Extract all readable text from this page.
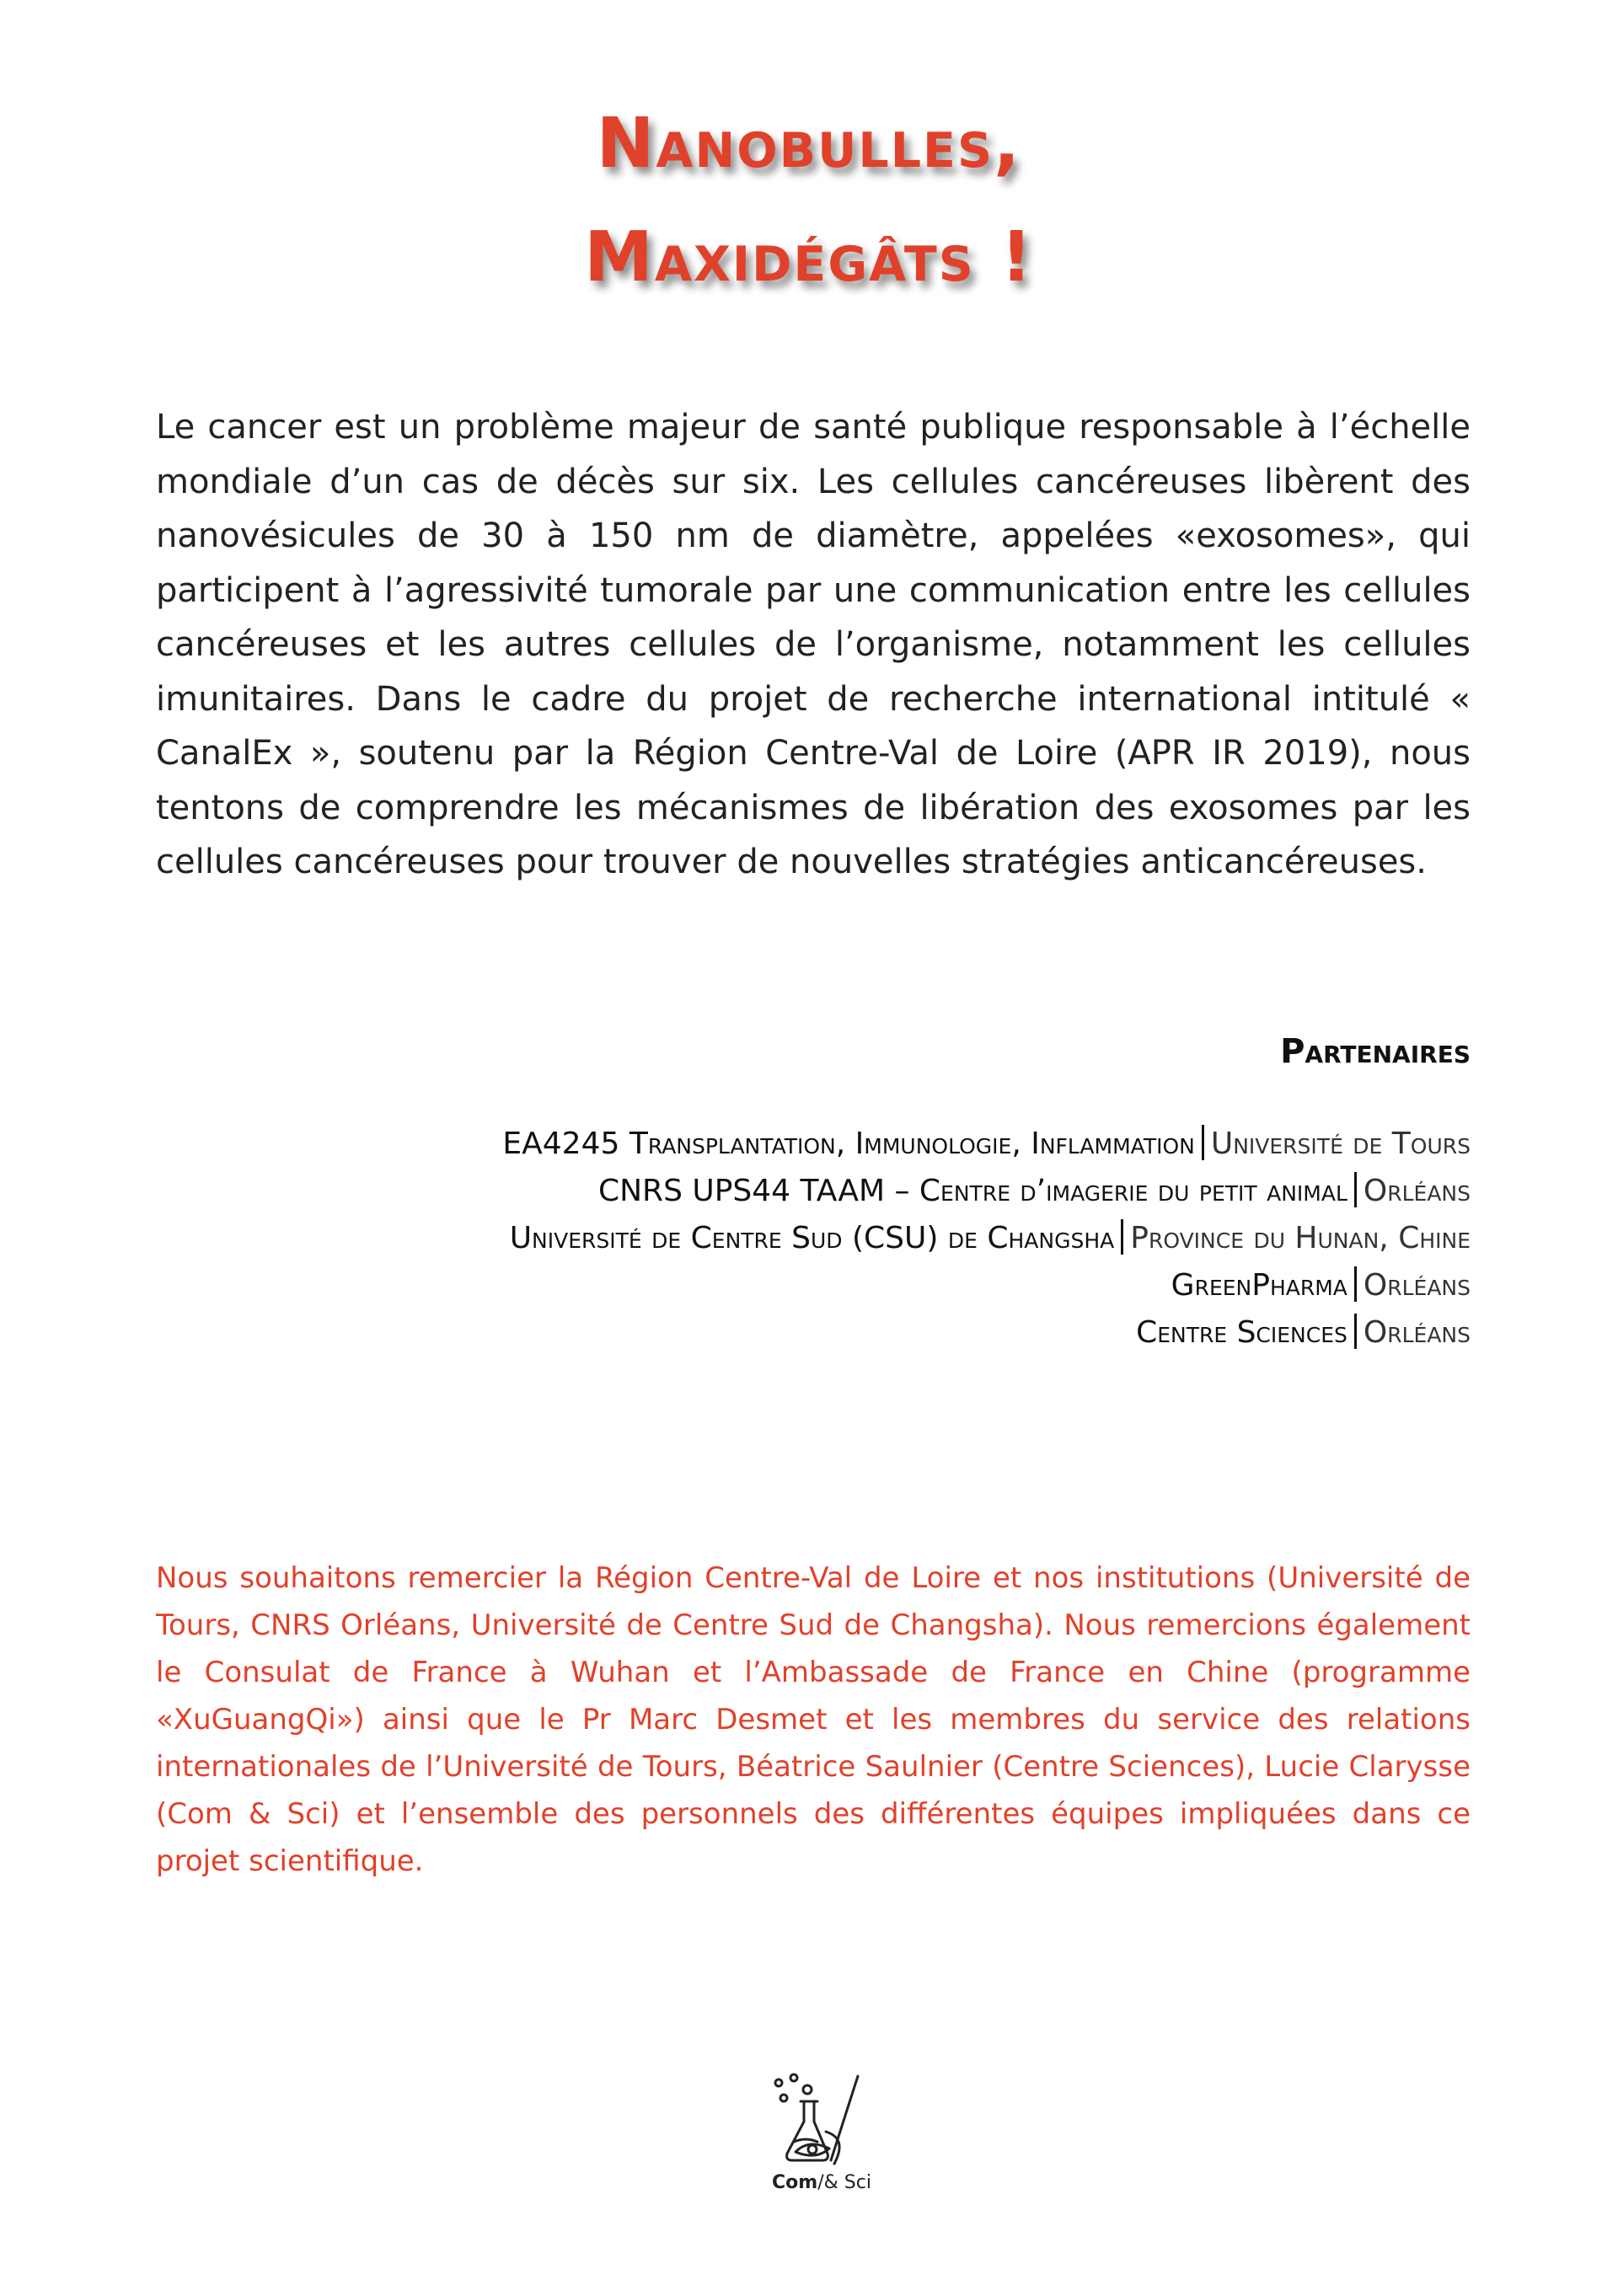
Nanobulles,
Maxidégâts !

Le cancer est un problème majeur de santé publique responsable à l’échelle mondiale d’un cas de décès sur six. Les cellules cancéreuses libèrent des nanovésicules de 30 à 150 nm de diamètre, appelées «exosomes», qui participent à l’agressivité tumorale par une communication entre les cellules cancéreuses et les autres cellules de l’organisme, notamment les cellules imunitaires. Dans le cadre du projet de recherche international intitulé « CanalEx », soutenu par la Région Centre-Val de Loire (APR IR 2019), nous tentons de comprendre les mécanismes de libération des exosomes par les cellules cancéreuses pour trouver de nouvelles stratégies anticancéreuses.

Partenaires
EA4245 Transplantation, Immunologie, Inflammation Université de Tours
CNRS UPS44 TAAM – Centre d’imagerie du petit animal Orléans
Université de Centre Sud (CSU) de Changsha Province du Hunan, Chine
GreenPharma Orléans
Centre Sciences Orléans

Nous souhaitons remercier la Région Centre-Val de Loire et nos institutions (Université de Tours, CNRS Orléans, Université de Centre Sud de Changsha). Nous remercions également le Consulat de France à Wuhan et l’Ambassade de France en Chine (programme «XuGuangQi») ainsi que le Pr Marc Desmet et les membres du service des relations internationales de l’Université de Tours, Béatrice Saulnier (Centre Sciences), Lucie Clarysse (Com & Sci) et l’ensemble des personnels des différentes équipes impliquées dans ce projet scientifique.

Com/& Sci
